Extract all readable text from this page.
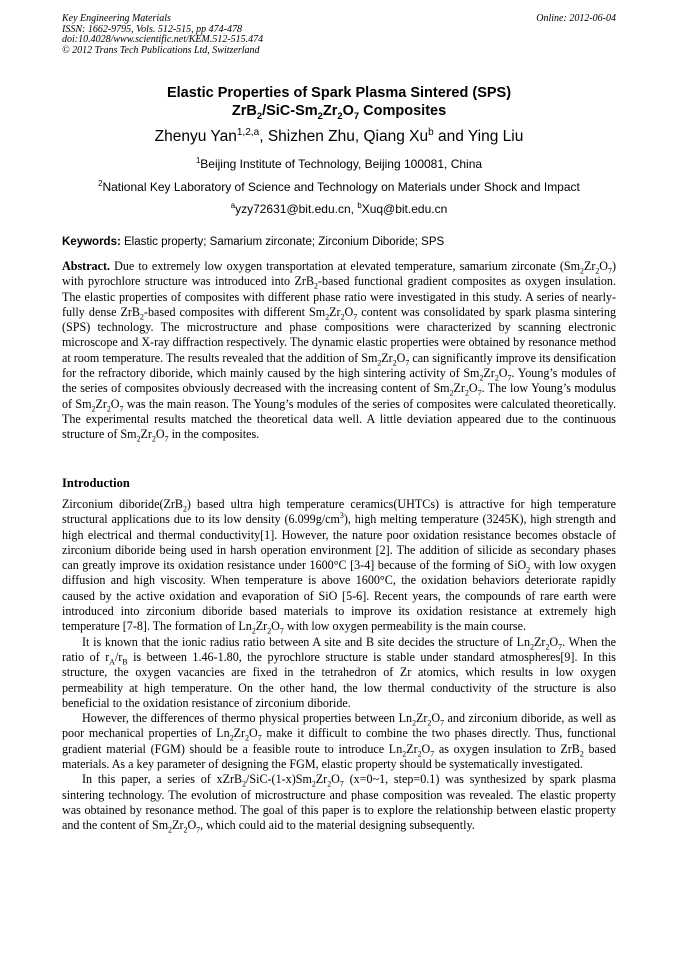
Key Engineering Materials
ISSN: 1662-9795, Vols. 512-515, pp 474-478
doi:10.4028/www.scientific.net/KEM.512-515.474
© 2012 Trans Tech Publications Ltd, Switzerland
Online: 2012-06-04
Elastic Properties of Spark Plasma Sintered (SPS)
$ZrB_2/SiC-Sm_2Zr_2O_7$ Composites
Zhenyu Yan$^{1,2,a}$, Shizhen Zhu, Qiang Xu$^b$ and Ying Liu
$^1$Beijing Institute of Technology, Beijing 100081, China
$^2$National Key Laboratory of Science and Technology on Materials under Shock and Impact
$^a$yzy72631@bit.edu.cn, $^b$Xuq@bit.edu.cn
Keywords: Elastic property; Samarium zirconate; Zirconium Diboride; SPS

Abstract. Due to extremely low oxygen transportation at elevated temperature, samarium zirconate $(Sm_2Zr_2O_7)$ with pyrochlore structure was introduced into ZrB$_2$-based functional gradient composites as oxygen insulation. The elastic properties of composites with different phase ratio were investigated in this study. A series of nearly-fully dense ZrB$_2$-based composites with different $Sm_2Zr_2O_7$ content was consolidated by spark plasma sintering (SPS) technology. The microstructure and phase compositions were characterized by scanning electronic microscope and X-ray diffraction respectively. The dynamic elastic properties were obtained by resonance method at room temperature. The results revealed that the addition of $Sm_2Zr_2O_7$ can significantly improve its densification for the refractory diboride, which mainly caused by the high sintering activity of $Sm_2Zr_2O_7$. Young’s modules of the series of composites obviously decreased with the increasing content of $Sm_2Zr_2O_7$. The low Young’s modulus of $Sm_2Zr_2O_7$ was the main reason. The Young’s modules of the series of composites were calculated theoretically. The experimental results matched the theoretical data well. A little deviation appeared due to the continuous structure of $Sm_2Zr_2O_7$ in the composites.

Introduction

Zirconium diboride(ZrB$_2$) based ultra high temperature ceramics(UHTCs) is attractive for high temperature structural applications due to its low density $(6.099g/cm^3)$, high melting temperature (3245K), high strength and high electrical and thermal conductivity[1]. However, the nature poor oxidation resistance becomes obstacle of zirconium diboride being used in harsh operation environment [2]. The addition of silicide as secondary phases can greatly improve its oxidation resistance under 1600°C [3-4] because of the forming of SiO$_2$ with low oxygen diffusion and high viscosity. When temperature is above 1600°C, the oxidation behaviors deteriorate rapidly caused by the active oxidation and evaporation of SiO [5-6]. Recent years, the compounds of rare earth were introduced into zirconium diboride based materials to improve its oxidation resistance at extremely high temperature [7-8]. The formation of $Ln_2Zr_2O_7$ with low oxygen permeability is the main course.

It is known that the ionic radius ratio between A site and B site decides the structure of $Ln_2Zr_2O_7$. When the ratio of $r_A/r_B$ is between 1.46-1.80, the pyrochlore structure is stable under standard atmospheres[9]. In this structure, the oxygen vacancies are fixed in the tetrahedron of Zr atomics, which results in low oxygen permeability at high temperature. On the other hand, the low thermal conductivity of the structure is also beneficial to the oxidation resistance of zirconium diboride.

However, the differences of thermo physical properties between $Ln_2Zr_2O_7$ and zirconium diboride, as well as poor mechanical properties of $Ln_2Zr_2O_7$ make it difficult to combine the two phases directly. Thus, functional gradient material (FGM) should be a feasible route to introduce $Ln_2Zr_2O_7$ as oxygen insulation to ZrB$_2$ based materials. As a key parameter of designing the FGM, elastic property should be systematically investigated.

In this paper, a series of $xZrB_2/SiC-(1-x)Sm_2Zr_2O_7$ (x=0~1, step=0.1) was synthesized by spark plasma sintering technology. The evolution of microstructure and phase composition was revealed. The elastic property was obtained by resonance method. The goal of this paper is to explore the relationship between elastic property and the content of $Sm_2Zr_2O_7$, which could aid to the material designing subsequently.
